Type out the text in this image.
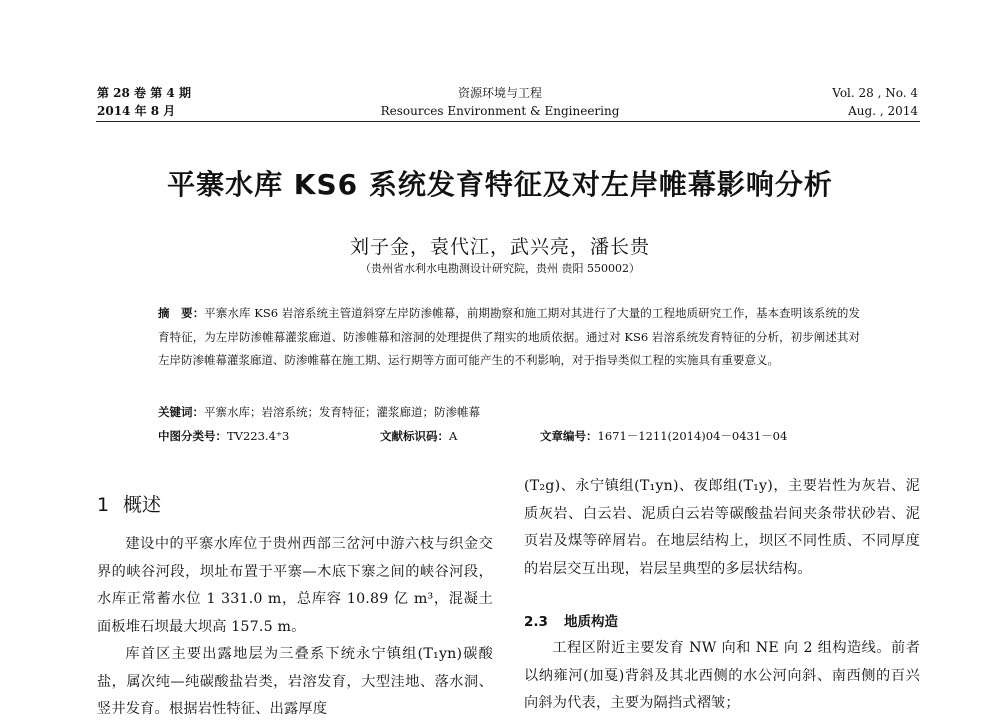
第 28 卷 第 4 期
2014 年 8 月
资源环境与工程
Resources Environment & Engineering
Vol. 28 , No. 4
Aug. , 2014
平寨水库 KS6 系统发育特征及对左岸帷幕影响分析
刘子金，袁代江，武兴亮，潘长贵
（贵州省水利水电勘测设计研究院，贵州 贵阳 550002）
摘　要：平寨水库 KS6 岩溶系统主管道斜穿左岸防渗帷幕，前期勘察和施工期对其进行了大量的工程地质研究工作，基本查明该系统的发育特征，为左岸防渗帷幕灌浆廊道、防渗帷幕和溶洞的处理提供了翔实的地质依据。通过对 KS6 岩溶系统发育特征的分析，初步阐述其对左岸防渗帷幕灌浆廊道、防渗帷幕在施工期、运行期等方面可能产生的不利影响，对于指导类似工程的实施具有重要意义。
关键词：平寨水库；岩溶系统；发育特征；灌浆廊道；防渗帷幕
中图分类号：TV223.4⁺3	文献标识码：A	文章编号：1671－1211(2014)04－0431－04
1 概述

建设中的平寨水库位于贵州西部三岔河中游六枝与织金交界的峡谷河段，坝址布置于平寨—木底下寨之间的峡谷河段，水库正常蓄水位 1 331.0 m，总库容 10.89 亿 m³，混凝土面板堆石坝最大坝高 157.5 m。

库首区主要出露地层为三叠系下统永宁镇组(T₁yn)碳酸盐，属次纯—纯碳酸盐岩类，岩溶发育，大型洼地、落水洞、竖井发育。根据岩性特征、出露厚度

(T₂g)、永宁镇组(T₁yn)、夜郎组(T₁y)，主要岩性为灰岩、泥质灰岩、白云岩、泥质白云岩等碳酸盐岩间夹条带状砂岩、泥页岩及煤等碎屑岩。在地层结构上，坝区不同性质、不同厚度的岩层交互出现，岩层呈典型的多层状结构。

2.3 地质构造

工程区附近主要发育 NW 向和 NE 向 2 组构造线。前者以纳雍河(加戛)背斜及其北西侧的水公河向斜、南西侧的百兴向斜为代表，主要为隔挡式褶皱；
